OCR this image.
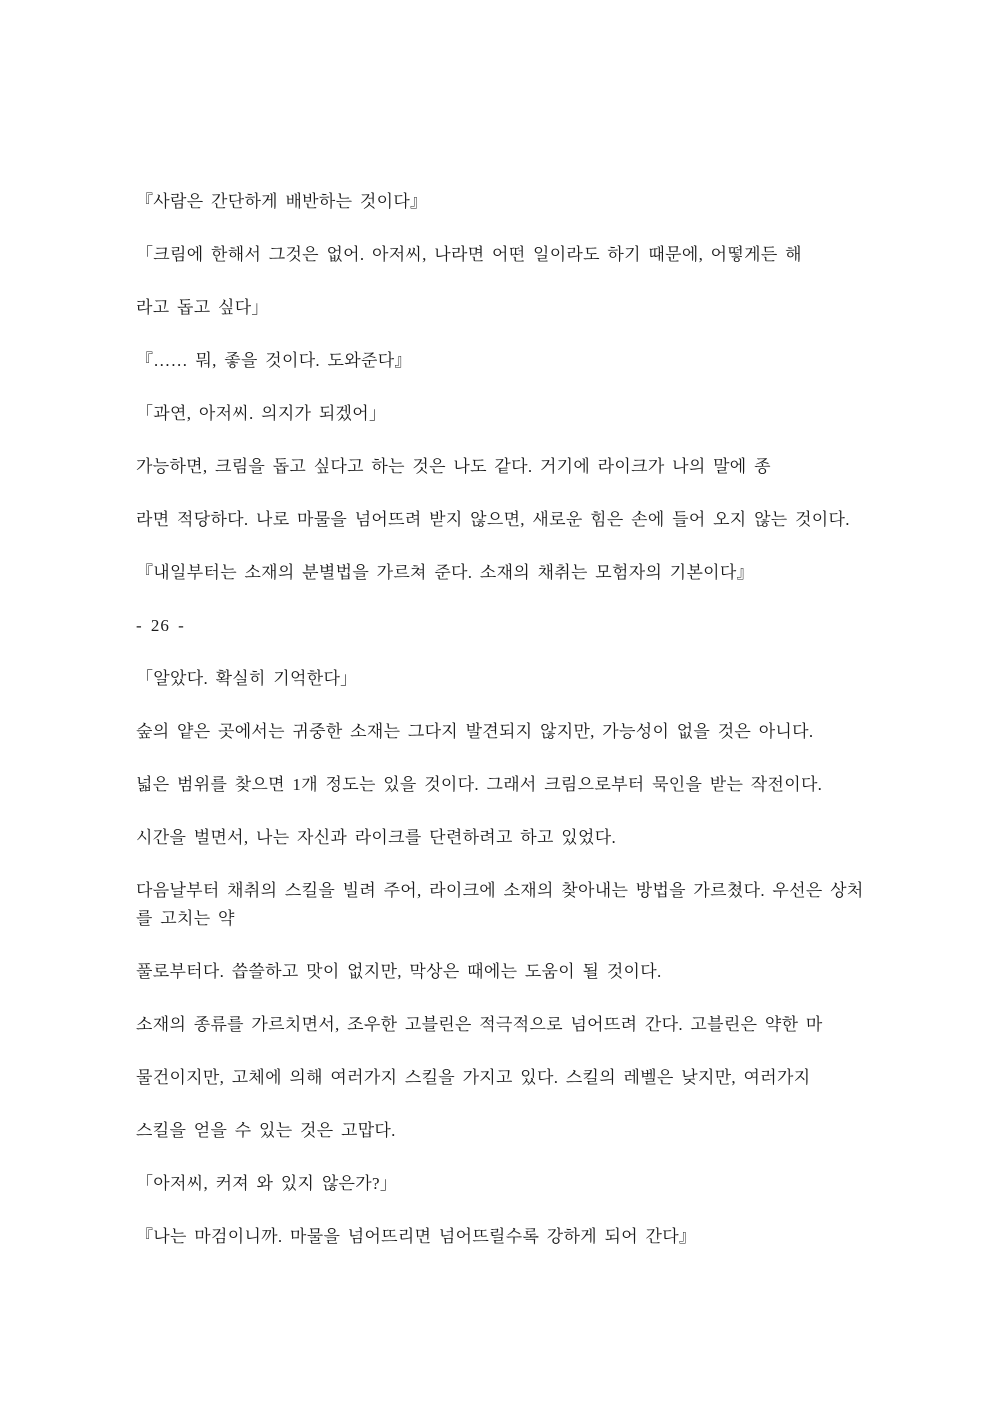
『사람은 간단하게 배반하는 것이다』

「크림에 한해서 그것은 없어. 아저씨, 나라면 어떤 일이라도 하기 때문에, 어떻게든 해

라고 돕고 싶다」

『…… 뭐, 좋을 것이다. 도와준다』

「과연, 아저씨. 의지가 되겠어」

가능하면, 크림을 돕고 싶다고 하는 것은 나도 같다. 거기에 라이크가 나의 말에 종

라면 적당하다. 나로 마물을 넘어뜨려 받지 않으면, 새로운 힘은 손에 들어 오지 않는 것이다.

『내일부터는 소재의 분별법을 가르쳐 준다. 소재의 채취는 모험자의 기본이다』

- 26 -

「알았다. 확실히 기억한다」

숲의 얕은 곳에서는 귀중한 소재는 그다지 발견되지 않지만, 가능성이 없을 것은 아니다.

넓은 범위를 찾으면 1개 정도는 있을 것이다. 그래서 크림으로부터 묵인을 받는 작전이다.

시간을 벌면서, 나는 자신과 라이크를 단련하려고 하고 있었다.

다음날부터 채취의 스킬을 빌려 주어, 라이크에 소재의 찾아내는 방법을 가르쳤다. 우선은 상처를 고치는 약

풀로부터다. 씁쓸하고 맛이 없지만, 막상은 때에는 도움이 될 것이다.

소재의 종류를 가르치면서, 조우한 고블린은 적극적으로 넘어뜨려 간다. 고블린은 약한 마

물건이지만, 고체에 의해 여러가지 스킬을 가지고 있다. 스킬의 레벨은 낮지만, 여러가지

스킬을 얻을 수 있는 것은 고맙다.

「아저씨, 커져 와 있지 않은가?」

『나는 마검이니까. 마물을 넘어뜨리면 넘어뜨릴수록 강하게 되어 간다』
